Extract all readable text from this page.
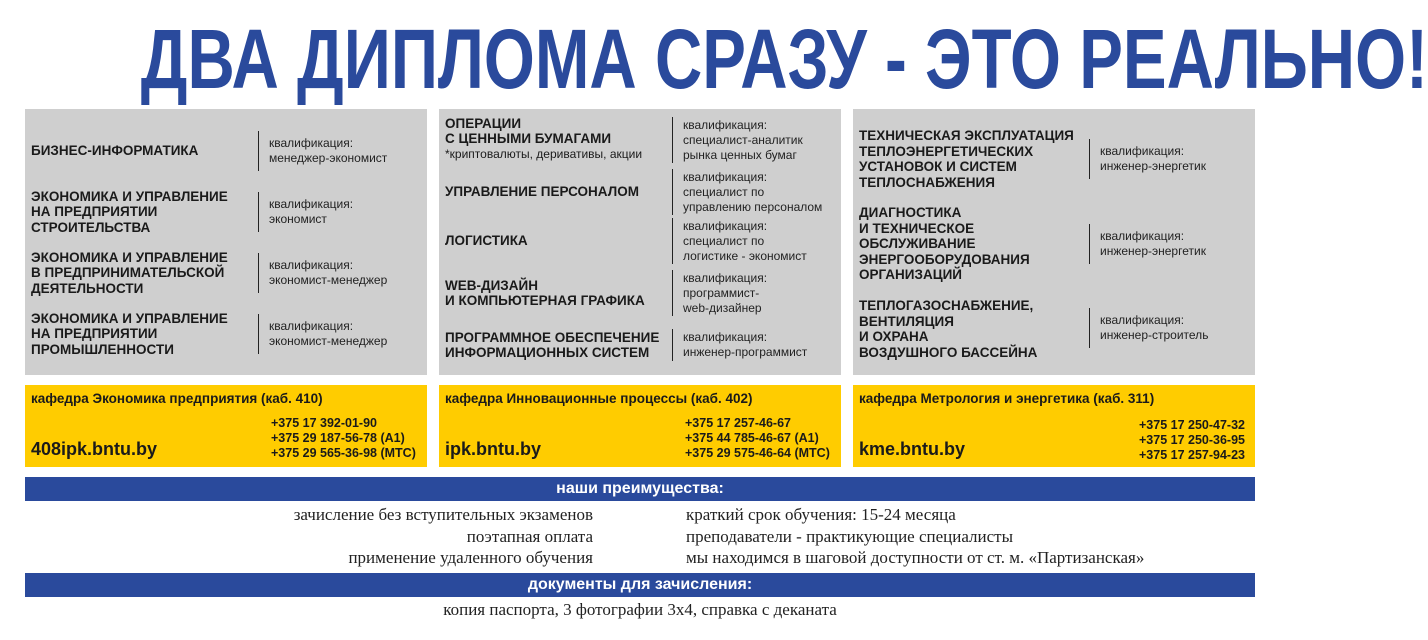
ДВА ДИПЛОМА СРАЗУ - ЭТО РЕАЛЬНО!
БИЗНЕС-ИНФОРМАТИКА
квалификация:
менеджер-экономист
ЭКОНОМИКА И УПРАВЛЕНИЕ
НА ПРЕДПРИЯТИИ
СТРОИТЕЛЬСТВА
квалификация:
экономист
ЭКОНОМИКА И УПРАВЛЕНИЕ
В ПРЕДПРИНИМАТЕЛЬСКОЙ
ДЕЯТЕЛЬНОСТИ
квалификация:
экономист-менеджер
ЭКОНОМИКА И УПРАВЛЕНИЕ
НА ПРЕДПРИЯТИИ
ПРОМЫШЛЕННОСТИ
квалификация:
экономист-менеджер

ОПЕРАЦИИ
С ЦЕННЫМИ БУМАГАМИ

*криптовалюты, деривативы, акции

квалификация:
специалист-аналитик
рынка ценных бумаг
УПРАВЛЕНИЕ ПЕРСОНАЛОМ
квалификация:
специалист по
управлению персоналом
ЛОГИСТИКА
квалификация:
специалист по
логистике - экономист
WEB-ДИЗАЙН
И КОМПЬЮТЕРНАЯ ГРАФИКА
квалификация:
программист-
web-дизайнер
ПРОГРАММНОЕ ОБЕСПЕЧЕНИЕ
ИНФОРМАЦИОННЫХ СИСТЕМ
квалификация:
инженер-программист
ТЕХНИЧЕСКАЯ ЭКСПЛУАТАЦИЯ
ТЕПЛОЭНЕРГЕТИЧЕСКИХ
УСТАНОВОК И СИСТЕМ
ТЕПЛОСНАБЖЕНИЯ
квалификация:
инженер-энергетик
ДИАГНОСТИКА
И ТЕХНИЧЕСКОЕ
ОБСЛУЖИВАНИЕ
ЭНЕРГООБОРУДОВАНИЯ
ОРГАНИЗАЦИЙ
квалификация:
инженер-энергетик
ТЕПЛОГАЗОСНАБЖЕНИЕ,
ВЕНТИЛЯЦИЯ
И ОХРАНА
ВОЗДУШНОГО БАССЕЙНА
квалификация:
инженер-строитель
кафедра Экономика предприятия (каб. 410)
+375 17 392-01-90
+375 29 187-56-78 (А1)
+375 29 565-36-98 (МТС)
408ipk.bntu.by
кафедра Инновационные процессы (каб. 402)
+375 17 257-46-67
+375 44 785-46-67 (А1)
+375 29 575-46-64 (МТС)
ipk.bntu.by
кафедра Метрология и энергетика (каб. 311)
+375 17 250-47-32
+375 17 250-36-95
+375 17 257-94-23
kme.bntu.by
наши преимущества:
зачисление без вступительных экзаменов
поэтапная оплата
применение удаленного обучения
краткий срок обучения: 15-24 месяца
преподаватели - практикующие специалисты
мы находимся в шаговой доступности от ст. м. «Партизанская»
документы для зачисления:
копия паспорта, 3 фотографии 3х4, справка с деканата
